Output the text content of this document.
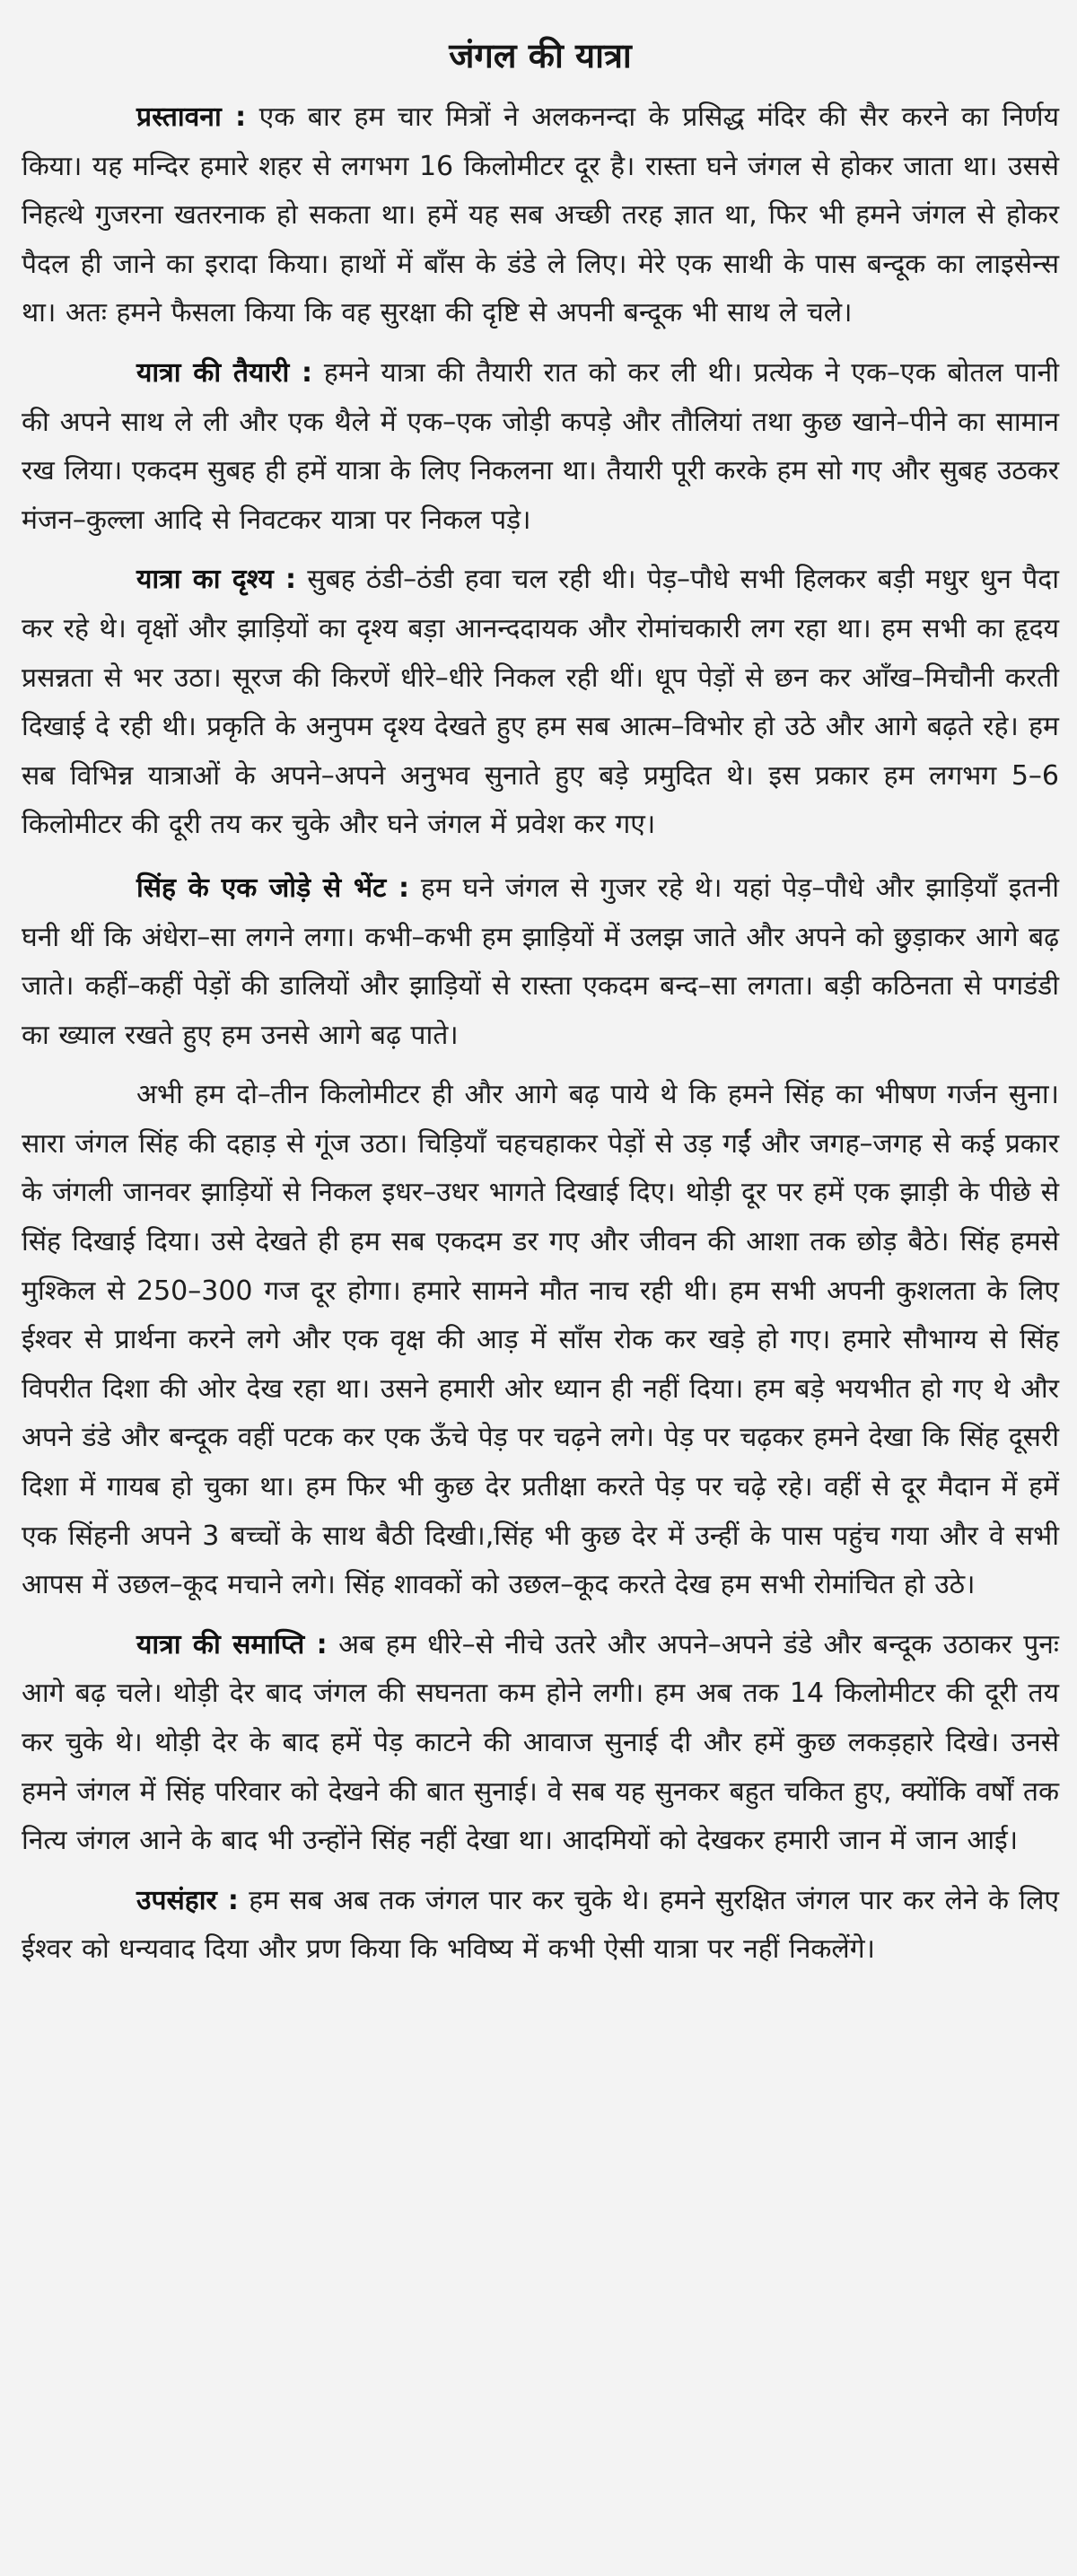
जंगल की यात्रा

प्रस्तावना : एक बार हम चार मित्रों ने अलकनन्दा के प्रसिद्ध मंदिर की सैर करने का निर्णय किया। यह मन्दिर हमारे शहर से लगभग 16 किलोमीटर दूर है। रास्ता घने जंगल से होकर जाता था। उससे निहत्थे गुजरना खतरनाक हो सकता था। हमें यह सब अच्छी तरह ज्ञात था, फिर भी हमने जंगल से होकर पैदल ही जाने का इरादा किया। हाथों में बाँस के डंडे ले लिए। मेरे एक साथी के पास बन्दूक का लाइसेन्स था। अतः हमने फैसला किया कि वह सुरक्षा की दृष्टि से अपनी बन्दूक भी साथ ले चले।

यात्रा की तैयारी : हमने यात्रा की तैयारी रात को कर ली थी। प्रत्येक ने एक–एक बोतल पानी की अपने साथ ले ली और एक थैले में एक–एक जोड़ी कपड़े और तौलियां तथा कुछ खाने–पीने का सामान रख लिया। एकदम सुबह ही हमें यात्रा के लिए निकलना था। तैयारी पूरी करके हम सो गए और सुबह उठकर मंजन–कुल्ला आदि से निवटकर यात्रा पर निकल पड़े।

यात्रा का दृश्य : सुबह ठंडी–ठंडी हवा चल रही थी। पेड़–पौधे सभी हिलकर बड़ी मधुर धुन पैदा कर रहे थे। वृक्षों और झाड़ियों का दृश्य बड़ा आनन्ददायक और रोमांचकारी लग रहा था। हम सभी का हृदय प्रसन्नता से भर उठा। सूरज की किरणें धीरे–धीरे निकल रही थीं। धूप पेड़ों से छन कर आँख–मिचौनी करती दिखाई दे रही थी। प्रकृति के अनुपम दृश्य देखते हुए हम सब आत्म–विभोर हो उठे और आगे बढ़ते रहे। हम सब विभिन्न यात्राओं के अपने–अपने अनुभव सुनाते हुए बड़े प्रमुदित थे। इस प्रकार हम लगभग 5–6 किलोमीटर की दूरी तय कर चुके और घने जंगल में प्रवेश कर गए।

सिंह के एक जोड़े से भेंट : हम घने जंगल से गुजर रहे थे। यहां पेड़–पौधे और झाड़ियाँ इतनी घनी थीं कि अंधेरा–सा लगने लगा। कभी–कभी हम झाड़ियों में उलझ जाते और अपने को छुड़ाकर आगे बढ़ जाते। कहीं–कहीं पेड़ों की डालियों और झाड़ियों से रास्ता एकदम बन्द–सा लगता। बड़ी कठिनता से पगडंडी का ख्याल रखते हुए हम उनसे आगे बढ़ पाते।

अभी हम दो–तीन किलोमीटर ही और आगे बढ़ पाये थे कि हमने सिंह का भीषण गर्जन सुना। सारा जंगल सिंह की दहाड़ से गूंज उठा। चिड़ियाँ चहचहाकर पेड़ों से उड़ गईं और जगह–जगह से कई प्रकार के जंगली जानवर झाड़ियों से निकल इधर–उधर भागते दिखाई दिए। थोड़ी दूर पर हमें एक झाड़ी के पीछे से सिंह दिखाई दिया। उसे देखते ही हम सब एकदम डर गए और जीवन की आशा तक छोड़ बैठे। सिंह हमसे मुश्किल से 250–300 गज दूर होगा। हमारे सामने मौत नाच रही थी। हम सभी अपनी कुशलता के लिए ईश्वर से प्रार्थना करने लगे और एक वृक्ष की आड़ में साँस रोक कर खड़े हो गए। हमारे सौभाग्य से सिंह विपरीत दिशा की ओर देख रहा था। उसने हमारी ओर ध्यान ही नहीं दिया। हम बड़े भयभीत हो गए थे और अपने डंडे और बन्दूक वहीं पटक कर एक ऊँचे पेड़ पर चढ़ने लगे। पेड़ पर चढ़कर हमने देखा कि सिंह दूसरी दिशा में गायब हो चुका था। हम फिर भी कुछ देर प्रतीक्षा करते पेड़ पर चढ़े रहे। वहीं से दूर मैदान में हमें एक सिंहनी अपने 3 बच्चों के साथ बैठी दिखी।,सिंह भी कुछ देर में उन्हीं के पास पहुंच गया और वे सभी आपस में उछल–कूद मचाने लगे। सिंह शावकों को उछल–कूद करते देख हम सभी रोमांचित हो उठे।

यात्रा की समाप्ति : अब हम धीरे–से नीचे उतरे और अपने–अपने डंडे और बन्दूक उठाकर पुनः आगे बढ़ चले। थोड़ी देर बाद जंगल की सघनता कम होने लगी। हम अब तक 14 किलोमीटर की दूरी तय कर चुके थे। थोड़ी देर के बाद हमें पेड़ काटने की आवाज सुनाई दी और हमें कुछ लकड़हारे दिखे। उनसे हमने जंगल में सिंह परिवार को देखने की बात सुनाई। वे सब यह सुनकर बहुत चकित हुए, क्योंकि वर्षों तक नित्य जंगल आने के बाद भी उन्होंने सिंह नहीं देखा था। आदमियों को देखकर हमारी जान में जान आई।

उपसंहार : हम सब अब तक जंगल पार कर चुके थे। हमने सुरक्षित जंगल पार कर लेने के लिए ईश्वर को धन्यवाद दिया और प्रण किया कि भविष्य में कभी ऐसी यात्रा पर नहीं निकलेंगे।
